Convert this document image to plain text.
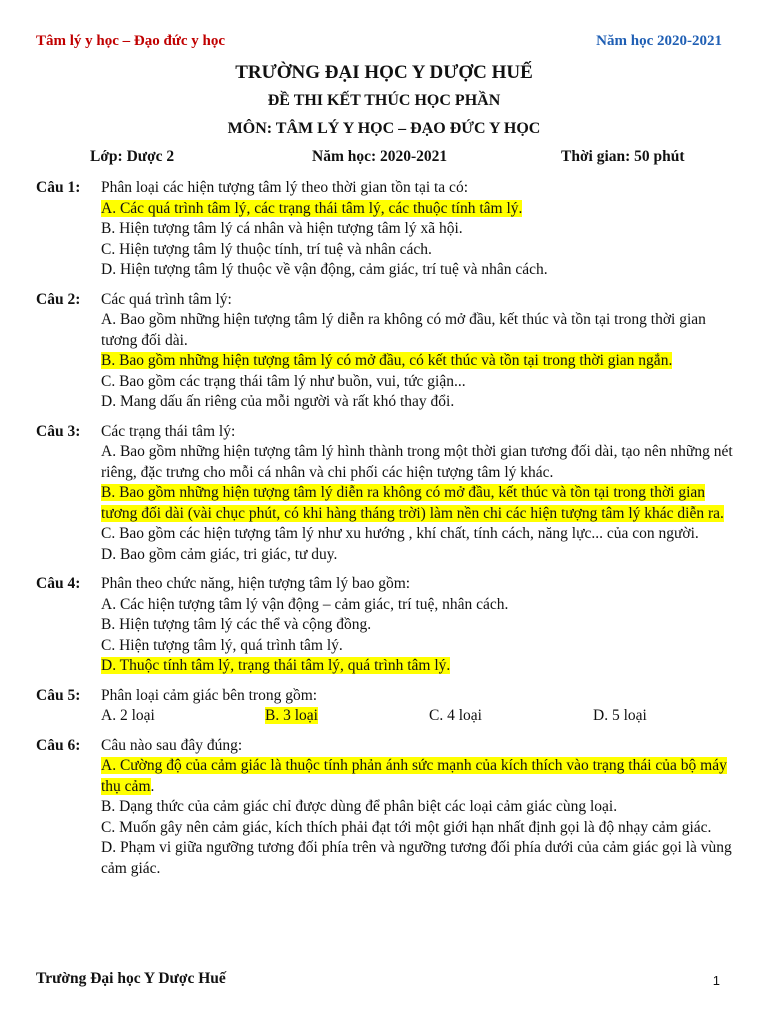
Tâm lý y học – Đạo đức y học	Năm học 2020-2021
TRƯỜNG ĐẠI HỌC Y DƯỢC HUẾ
ĐỀ THI KẾT THÚC HỌC PHẦN
MÔN: TÂM LÝ Y HỌC – ĐẠO ĐỨC Y HỌC
Lớp: Dược 2	Năm học: 2020-2021	Thời gian: 50 phút
Câu 1:	Phân loại các hiện tượng tâm lý theo thời gian tồn tại ta có:
A. Các quá trình tâm lý, các trạng thái tâm lý, các thuộc tính tâm lý.
B. Hiện tượng tâm lý cá nhân và hiện tượng tâm lý xã hội.
C. Hiện tượng tâm lý thuộc tính, trí tuệ và nhân cách.
D. Hiện tượng tâm lý thuộc về vận động, cảm giác, trí tuệ và nhân cách.
Câu 2:	Các quá trình tâm lý:
A. Bao gồm những hiện tượng tâm lý diễn ra không có mở đầu, kết thúc và tồn tại trong thời gian tương đối dài.
B. Bao gồm những hiện tượng tâm lý có mở đầu, có kết thúc và tồn tại trong thời gian ngắn.
C. Bao gồm các trạng thái tâm lý như buồn, vui, tức giận...
D. Mang dấu ấn riêng của mỗi người và rất khó thay đổi.
Câu 3:	Các trạng thái tâm lý:
A. Bao gồm những hiện tượng tâm lý hình thành trong một thời gian tương đối dài, tạo nên những nét riêng, đặc trưng cho mỗi cá nhân và chi phối các hiện tượng tâm lý khác.
B. Bao gồm những hiện tượng tâm lý diễn ra không có mở đầu, kết thúc và tồn tại trong thời gian tương đối dài (vài chục phút, có khi hàng tháng trời) làm nền chi các hiện tượng tâm lý khác diễn ra.
C. Bao gồm các hiện tượng tâm lý như xu hướng , khí chất, tính cách, năng lực... của con người.
D. Bao gồm cảm giác, tri giác, tư duy.
Câu 4:	Phân theo chức năng, hiện tượng tâm lý bao gồm:
A. Các hiện tượng tâm lý vận động – cảm giác, trí tuệ, nhân cách.
B. Hiện tượng tâm lý các thể và cộng đồng.
C. Hiện tượng tâm lý, quá trình tâm lý.
D. Thuộc tính tâm lý, trạng thái tâm lý, quá trình tâm lý.
Câu 5:	Phân loại cảm giác bên trong gồm:
A. 2 loại	B. 3 loại	C. 4 loại	D. 5 loại
Câu 6:	Câu nào sau đây đúng:
A. Cường độ của cảm giác là thuộc tính phản ánh sức mạnh của kích thích vào trạng thái của bộ máy thụ cảm.
B. Dạng thức của cảm giác chỉ được dùng để phân biệt các loại cảm giác cùng loại.
C. Muốn gây nên cảm giác, kích thích phải đạt tới một giới hạn nhất định gọi là độ nhạy cảm giác.
D. Phạm vi giữa ngưỡng tương đối phía trên và ngưỡng tương đối phía dưới của cảm giác gọi là vùng cảm giác.
Trường Đại học Y Dược Huế	1
